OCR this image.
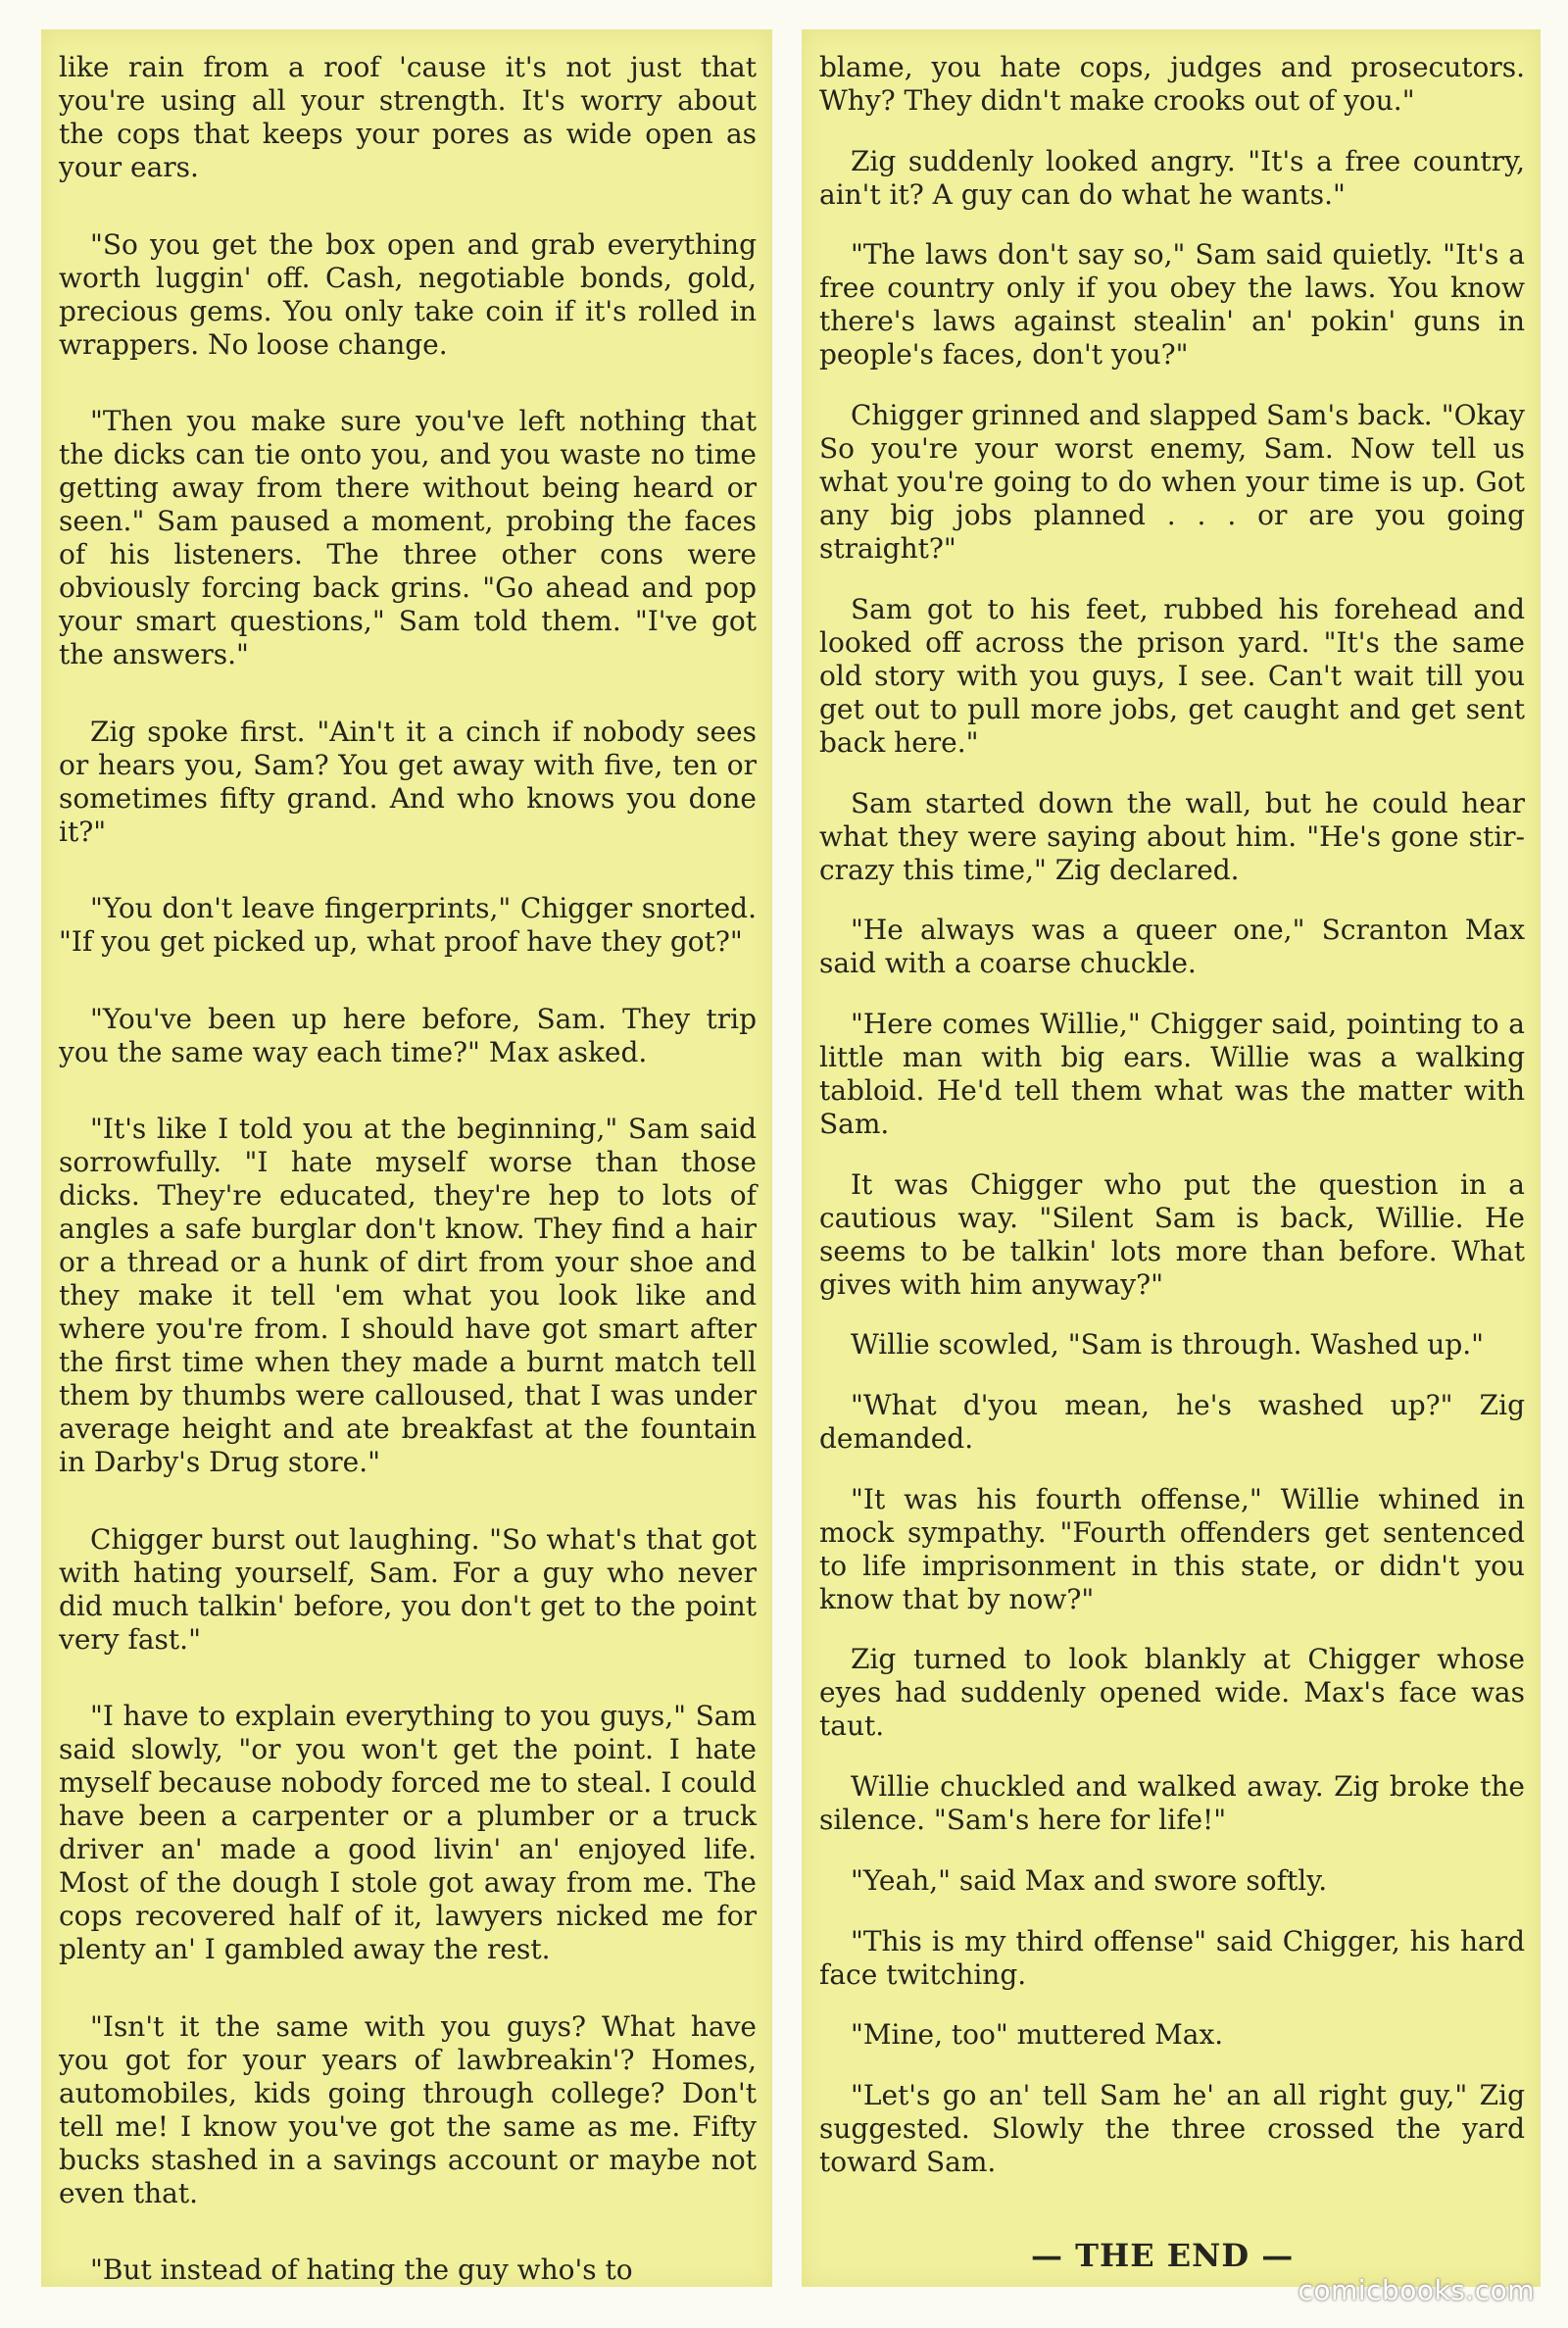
like rain from a roof 'cause it's not just that you're using all your strength. It's worry about the cops that keeps your pores as wide open as your ears.

"So you get the box open and grab everything worth luggin' off. Cash, negotiable bonds, gold, precious gems. You only take coin if it's rolled in wrappers. No loose change.

"Then you make sure you've left nothing that the dicks can tie onto you, and you waste no time getting away from there without being heard or seen." Sam paused a moment, probing the faces of his listeners. The three other cons were obviously forcing back grins. "Go ahead and pop your smart questions," Sam told them. "I've got the answers."

Zig spoke first. "Ain't it a cinch if nobody sees or hears you, Sam? You get away with five, ten or sometimes fifty grand. And who knows you done it?"

"You don't leave fingerprints," Chigger snorted. "If you get picked up, what proof have they got?"

"You've been up here before, Sam. They trip you the same way each time?" Max asked.

"It's like I told you at the beginning," Sam said sorrowfully. "I hate myself worse than those dicks. They're educated, they're hep to lots of angles a safe burglar don't know. They find a hair or a thread or a hunk of dirt from your shoe and they make it tell 'em what you look like and where you're from. I should have got smart after the first time when they made a burnt match tell them by thumbs were calloused, that I was under average height and ate breakfast at the fountain in Darby's Drug store."

Chigger burst out laughing. "So what's that got with hating yourself, Sam. For a guy who never did much talkin' before, you don't get to the point very fast."

"I have to explain everything to you guys," Sam said slowly, "or you won't get the point. I hate myself because nobody forced me to steal. I could have been a carpenter or a plumber or a truck driver an' made a good livin' an' enjoyed life. Most of the dough I stole got away from me. The cops recovered half of it, lawyers nicked me for plenty an' I gambled away the rest.

"Isn't it the same with you guys? What have you got for your years of lawbreakin'? Homes, automobiles, kids going through college? Don't tell me! I know you've got the same as me. Fifty bucks stashed in a savings account or maybe not even that.

"But instead of hating the guy who's to

blame, you hate cops, judges and prosecutors. Why? They didn't make crooks out of you."

Zig suddenly looked angry. "It's a free country, ain't it? A guy can do what he wants."

"The laws don't say so," Sam said quietly. "It's a free country only if you obey the laws. You know there's laws against stealin' an' pokin' guns in people's faces, don't you?"

Chigger grinned and slapped Sam's back. "Okay So you're your worst enemy, Sam. Now tell us what you're going to do when your time is up. Got any big jobs planned . . . or are you going straight?"

Sam got to his feet, rubbed his forehead and looked off across the prison yard. "It's the same old story with you guys, I see. Can't wait till you get out to pull more jobs, get caught and get sent back here."

Sam started down the wall, but he could hear what they were saying about him. "He's gone stir-crazy this time," Zig declared.

"He always was a queer one," Scranton Max said with a coarse chuckle.

"Here comes Willie," Chigger said, pointing to a little man with big ears. Willie was a walking tabloid. He'd tell them what was the matter with Sam.

It was Chigger who put the question in a cautious way. "Silent Sam is back, Willie. He seems to be talkin' lots more than before. What gives with him anyway?"

Willie scowled, "Sam is through. Washed up."

"What d'you mean, he's washed up?" Zig demanded.

"It was his fourth offense," Willie whined in mock sympathy. "Fourth offenders get sentenced to life imprisonment in this state, or didn't you know that by now?"

Zig turned to look blankly at Chigger whose eyes had suddenly opened wide. Max's face was taut.

Willie chuckled and walked away. Zig broke the silence. "Sam's here for life!"

"Yeah," said Max and swore softly.

"This is my third offense" said Chigger, his hard face twitching.

"Mine, too" muttered Max.

"Let's go an' tell Sam he' an all right guy," Zig suggested. Slowly the three crossed the yard toward Sam.

— THE END —
comicbooks.com
